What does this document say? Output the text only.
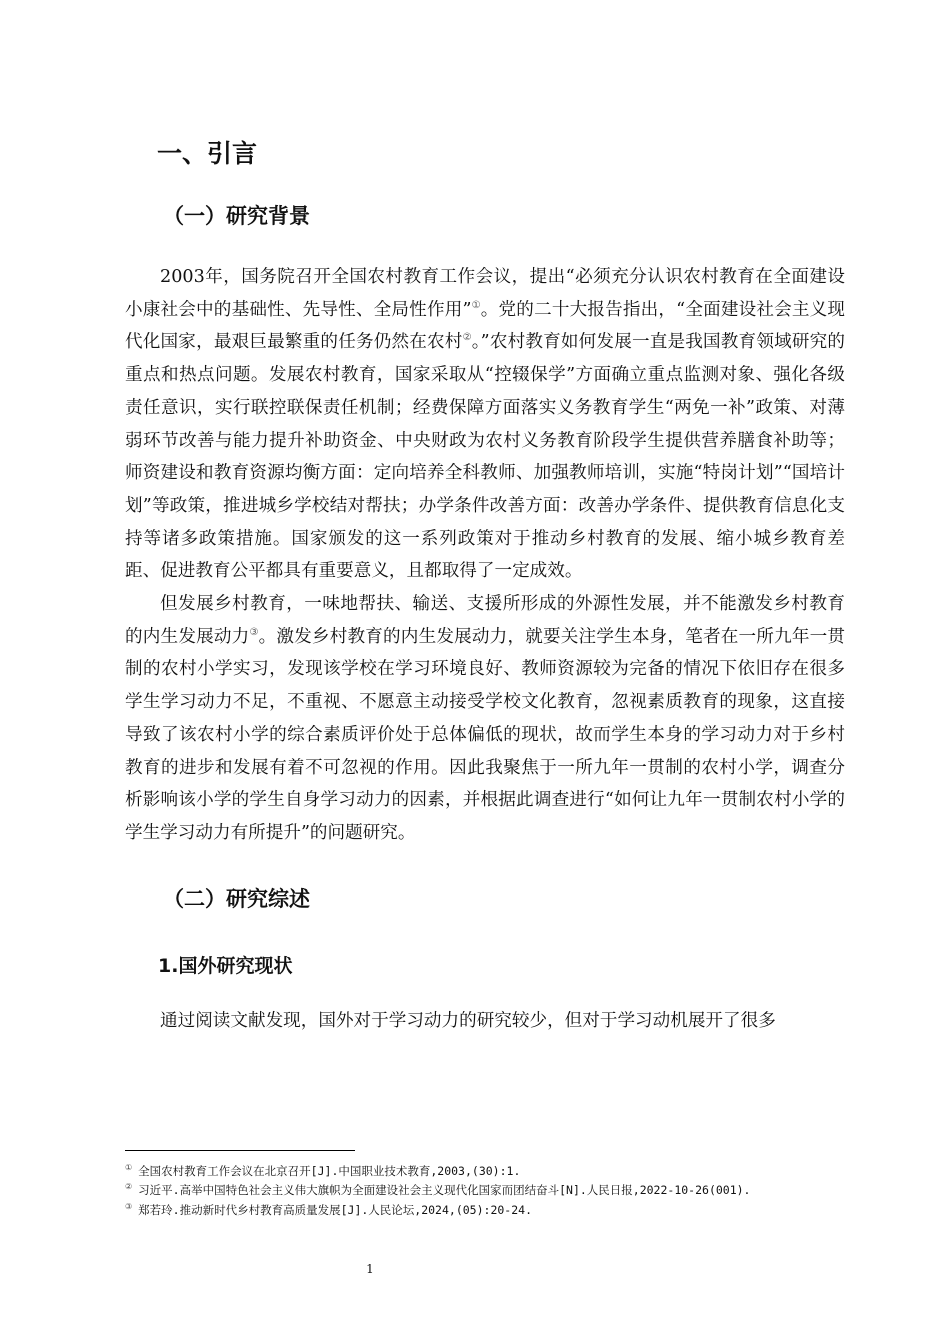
一、引言
（一）研究背景

2003年，国务院召开全国农村教育工作会议，提出“必须充分认识农村教育在全面建设小康社会中的基础性、先导性、全局性作用”①。党的二十大报告指出，“全面建设社会主义现代化国家，最艰巨最繁重的任务仍然在农村②。”农村教育如何发展一直是我国教育领域研究的重点和热点问题。发展农村教育，国家采取从“控辍保学”方面确立重点监测对象、强化各级责任意识，实行联控联保责任机制；经费保障方面落实义务教育学生“两免一补”政策、对薄弱环节改善与能力提升补助资金、中央财政为农村义务教育阶段学生提供营养膳食补助等；师资建设和教育资源均衡方面：定向培养全科教师、加强教师培训，实施“特岗计划”“国培计划”等政策，推进城乡学校结对帮扶；办学条件改善方面：改善办学条件、提供教育信息化支持等诸多政策措施。国家颁发的这一系列政策对于推动乡村教育的发展、缩小城乡教育差距、促进教育公平都具有重要意义，且都取得了一定成效。

但发展乡村教育，一味地帮扶、输送、支援所形成的外源性发展，并不能激发乡村教育的内生发展动力③。激发乡村教育的内生发展动力，就要关注学生本身，笔者在一所九年一贯制的农村小学实习，发现该学校在学习环境良好、教师资源较为完备的情况下依旧存在很多学生学习动力不足，不重视、不愿意主动接受学校文化教育，忽视素质教育的现象，这直接导致了该农村小学的综合素质评价处于总体偏低的现状，故而学生本身的学习动力对于乡村教育的进步和发展有着不可忽视的作用。因此我聚焦于一所九年一贯制的农村小学，调查分析影响该小学的学生自身学习动力的因素，并根据此调查进行“如何让九年一贯制农村小学的学生学习动力有所提升”的问题研究。

（二）研究综述
1.国外研究现状

通过阅读文献发现，国外对于学习动力的研究较少，但对于学习动机展开了很多

① 全国农村教育工作会议在北京召开[J].中国职业技术教育,2003,(30):1.

② 习近平.高举中国特色社会主义伟大旗帜为全面建设社会主义现代化国家而团结奋斗[N].人民日报,2022-10-26(001).

③ 郑若玲.推动新时代乡村教育高质量发展[J].人民论坛,2024,(05):20-24.

1
